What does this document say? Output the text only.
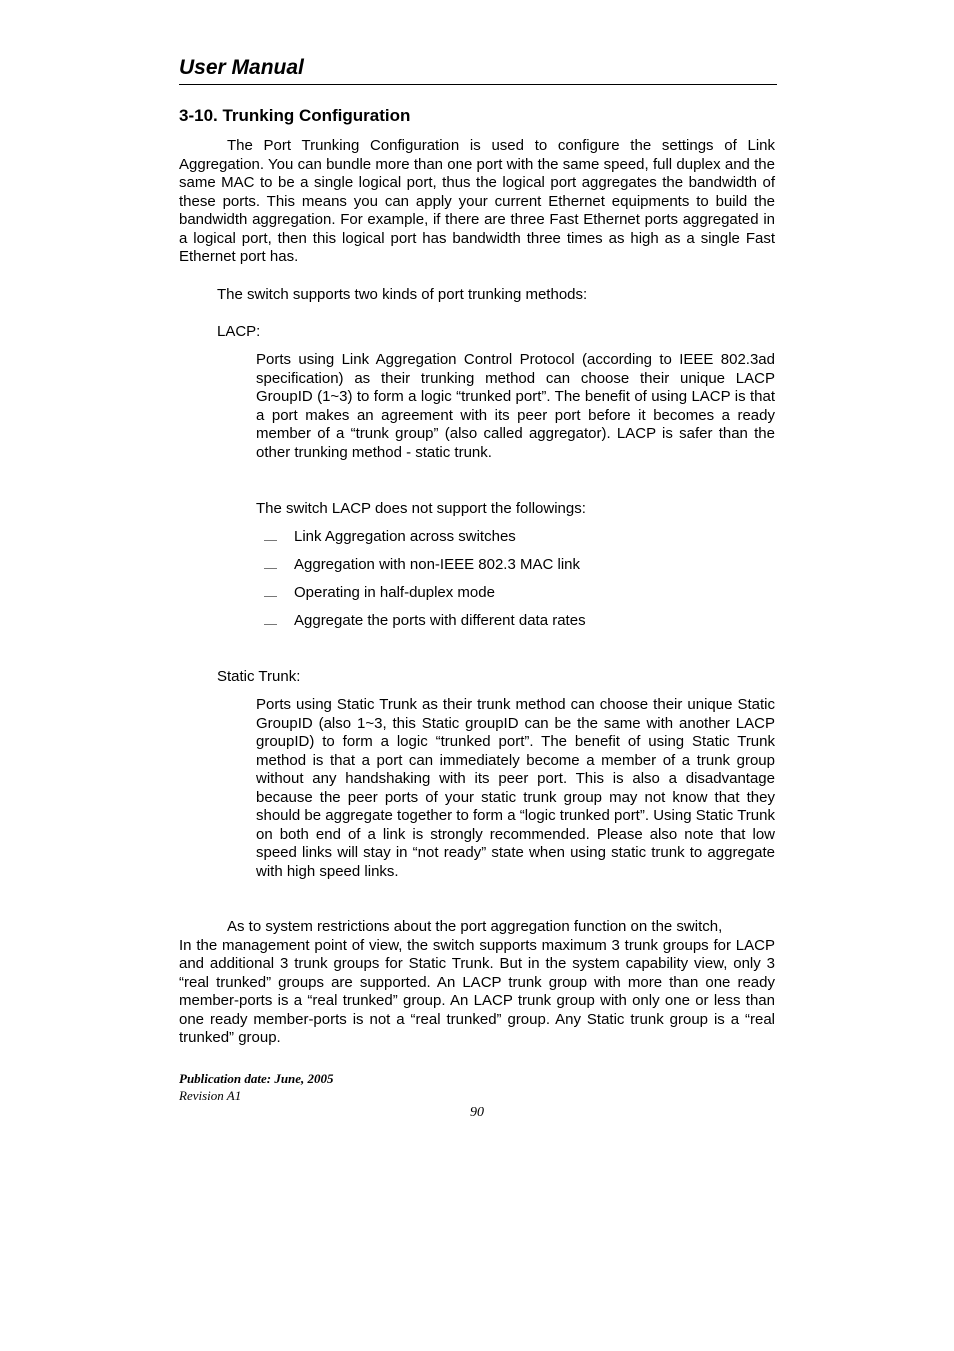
User Manual
3-10. Trunking Configuration
The Port Trunking Configuration is used to configure the settings of Link Aggregation. You can bundle more than one port with the same speed, full duplex and the same MAC to be a single logical port, thus the logical port aggregates the bandwidth of these ports. This means you can apply your current Ethernet equipments to build the bandwidth aggregation. For example, if there are three Fast Ethernet ports aggregated in a logical port, then this logical port has bandwidth three times as high as a single Fast Ethernet port has.
The switch supports two kinds of port trunking methods:
LACP:
Ports using Link Aggregation Control Protocol (according to IEEE 802.3ad specification) as their trunking method can choose their unique LACP GroupID (1~3) to form a logic “trunked port”. The benefit of using LACP is that a port makes an agreement with its peer port before it becomes a ready member of a “trunk group” (also called aggregator). LACP is safer than the other trunking method - static trunk.
The switch LACP does not support the followings:
Link Aggregation across switches
Aggregation with non-IEEE 802.3 MAC link
Operating in half-duplex mode
Aggregate the ports with different data rates
Static Trunk:
Ports using Static Trunk as their trunk method can choose their unique Static GroupID (also 1~3, this Static groupID can be the same with another LACP groupID) to form a logic “trunked port”. The benefit of using Static Trunk method is that a port can immediately become a member of a trunk group without any handshaking with its peer port. This is also a disadvantage because the peer ports of your static trunk group may not know that they should be aggregate together to form a “logic trunked port”. Using Static Trunk on both end of a link is strongly recommended. Please also note that low speed links will stay in “not ready” state when using static trunk to aggregate with high speed links.
As to system restrictions about the port aggregation function on the switch,
In the management point of view, the switch supports maximum 3 trunk groups for LACP and additional 3 trunk groups for Static Trunk. But in the system capability view, only 3 “real trunked” groups are supported. An LACP trunk group with more than one ready member-ports is a “real trunked” group. An LACP trunk group with only one or less than one ready member-ports is not a “real trunked” group. Any Static trunk group is a “real trunked” group.
Publication date: June, 2005
Revision A1
90
